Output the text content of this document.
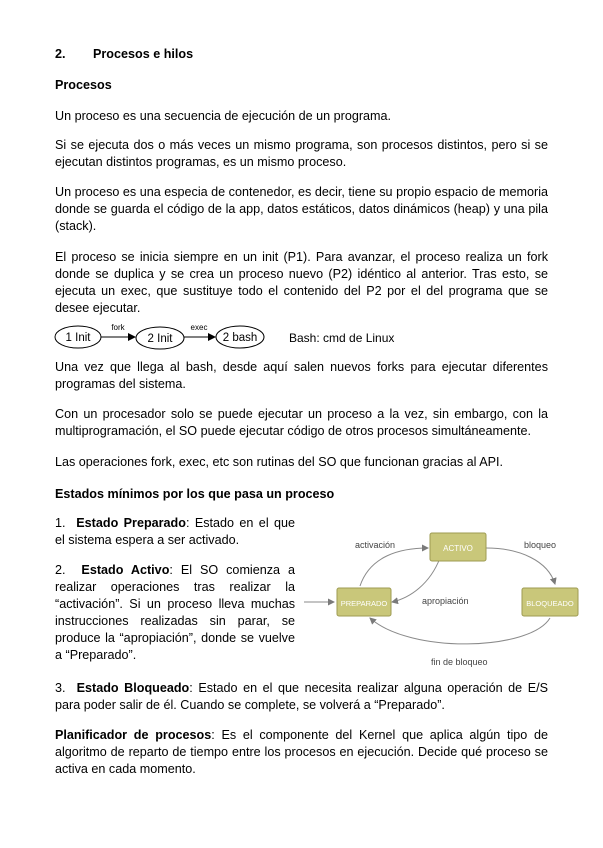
2. Procesos e hilos
Procesos

Un proceso es una secuencia de ejecución de un programa.

Si se ejecuta dos o más veces un mismo programa, son procesos distintos, pero si se ejecutan distintos programas, es un mismo proceso.

Un proceso es una especia de contenedor, es decir, tiene su propio espacio de memoria donde se guarda el código de la app, datos estáticos, datos dinámicos (heap) y una pila (stack).

El proceso se inicia siempre en un init (P1). Para avanzar, el proceso realiza un fork donde se duplica y se crea un proceso nuevo (P2) idéntico al anterior. Tras esto, se ejecuta un exec, que sustituye todo el contenido del P2 por el del programa que se desee ejecutar.

1 Init
fork
2 Init
exec
2 bash	Bash: cmd de Linux

Una vez que llega al bash, desde aquí salen nuevos forks para ejecutar diferentes programas del sistema.

Con un procesador solo se puede ejecutar un proceso a la vez, sin embargo, con la multiprogramación, el SO puede ejecutar código de otros procesos simultáneamente.

Las operaciones fork, exec, etc son rutinas del SO que funcionan gracias al API.

Estados mínimos por los que pasa un proceso

1. Estado Preparado: Estado en el que el sistema espera a ser activado.

2. Estado Activo: El SO comienza a realizar operaciones tras realizar la “activación”. Si un proceso lleva muchas instrucciones realizadas sin parar, se produce la “apropiación”, donde se vuelve a “Preparado”.

ACTIVO
PREPARADO	BLOQUEADO
activación	bloqueo
apropiación
fin de bloqueo

3. Estado Bloqueado: Estado en el que necesita realizar alguna operación de E/S para poder salir de él. Cuando se complete, se volverá a “Preparado”.

Planificador de procesos: Es el componente del Kernel que aplica algún tipo de algoritmo de reparto de tiempo entre los procesos en ejecución. Decide qué proceso se activa en cada momento.
